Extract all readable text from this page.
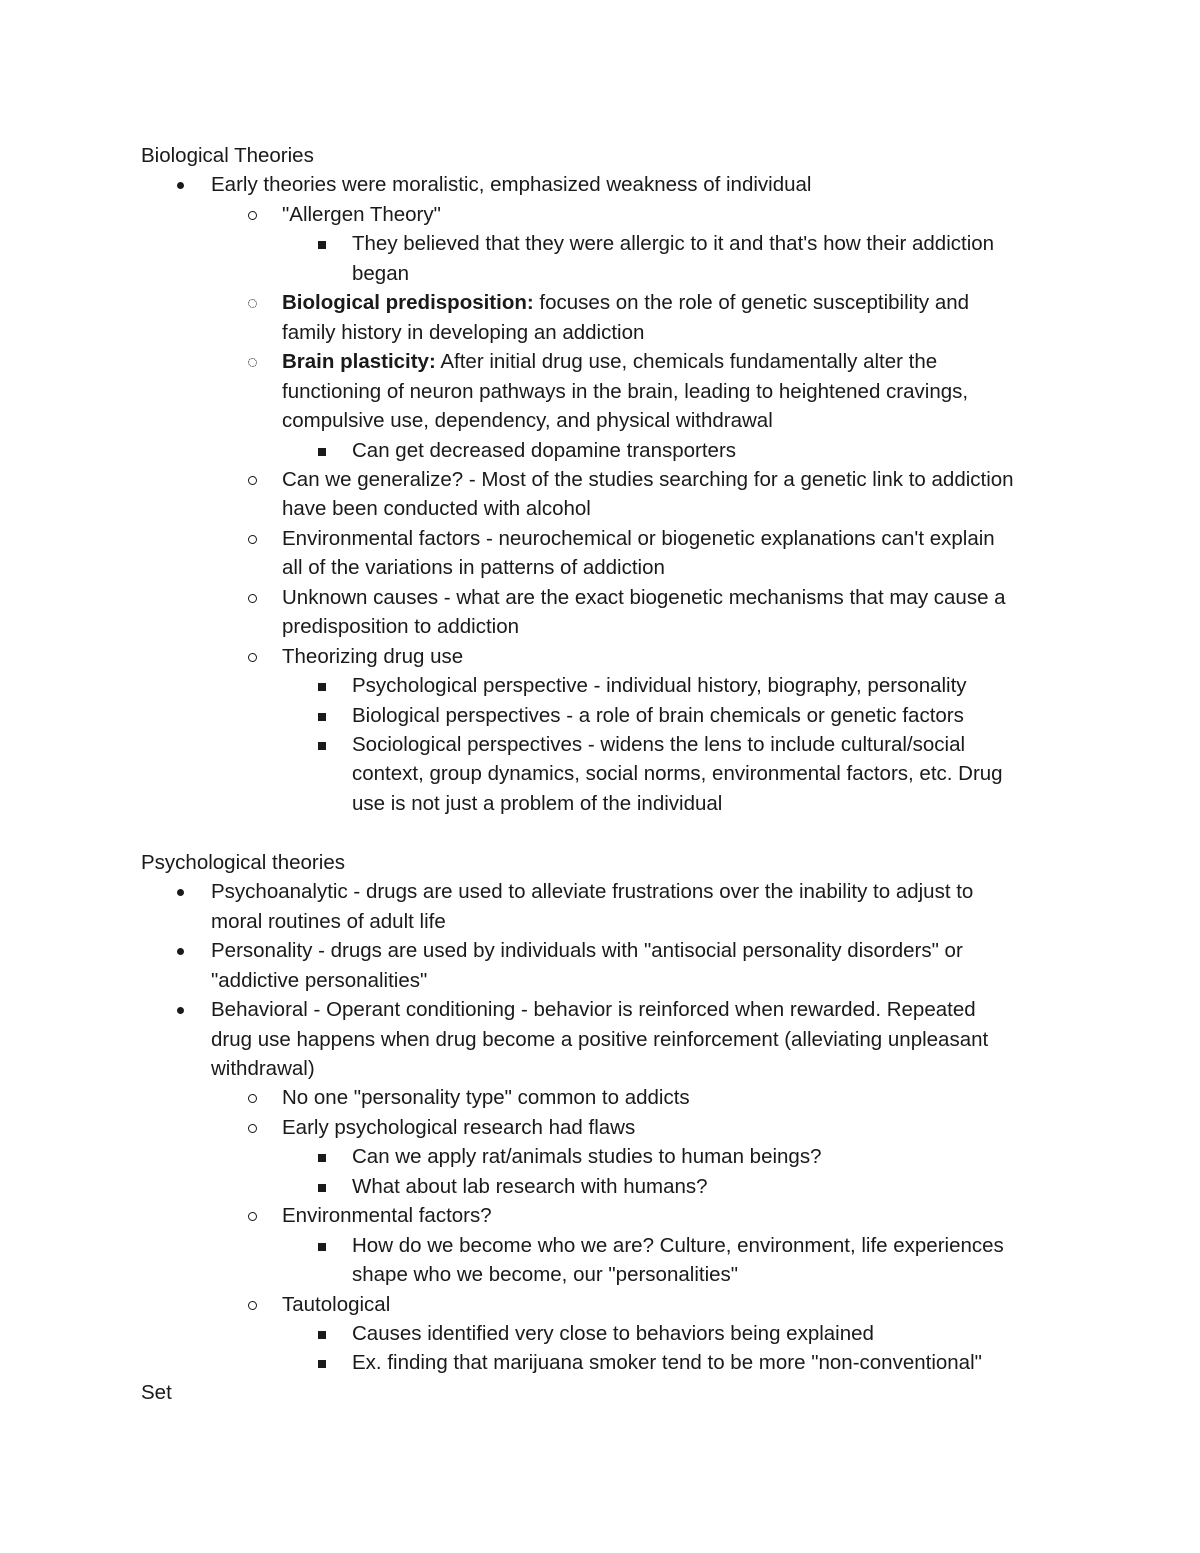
Biological Theories
Early theories were moralistic, emphasized weakness of individual
"Allergen Theory"
They believed that they were allergic to it and that's how their addiction
began
Biological predisposition: focuses on the role of genetic susceptibility and
family history in developing an addiction
Brain plasticity: After initial drug use, chemicals fundamentally alter the
functioning of neuron pathways in the brain, leading to heightened cravings,
compulsive use, dependency, and physical withdrawal
Can get decreased dopamine transporters
Can we generalize? - Most of the studies searching for a genetic link to addiction
have been conducted with alcohol
Environmental factors - neurochemical or biogenetic explanations can't explain
all of the variations in patterns of addiction
Unknown causes - what are the exact biogenetic mechanisms that may cause a
predisposition to addiction
Theorizing drug use
Psychological perspective - individual history, biography, personality
Biological perspectives - a role of brain chemicals or genetic factors
Sociological perspectives - widens the lens to include cultural/social
context, group dynamics, social norms, environmental factors, etc. Drug
use is not just a problem of the individual
Psychological theories
Psychoanalytic - drugs are used to alleviate frustrations over the inability to adjust to
moral routines of adult life
Personality - drugs are used by individuals with "antisocial personality disorders" or
"addictive personalities"
Behavioral - Operant conditioning - behavior is reinforced when rewarded. Repeated
drug use happens when drug become a positive reinforcement (alleviating unpleasant
withdrawal)
No one "personality type" common to addicts
Early psychological research had flaws
Can we apply rat/animals studies to human beings?
What about lab research with humans?
Environmental factors?
How do we become who we are? Culture, environment, life experiences
shape who we become, our "personalities"
Tautological
Causes identified very close to behaviors being explained
Ex. finding that marijuana smoker tend to be more "non-conventional"
Set
